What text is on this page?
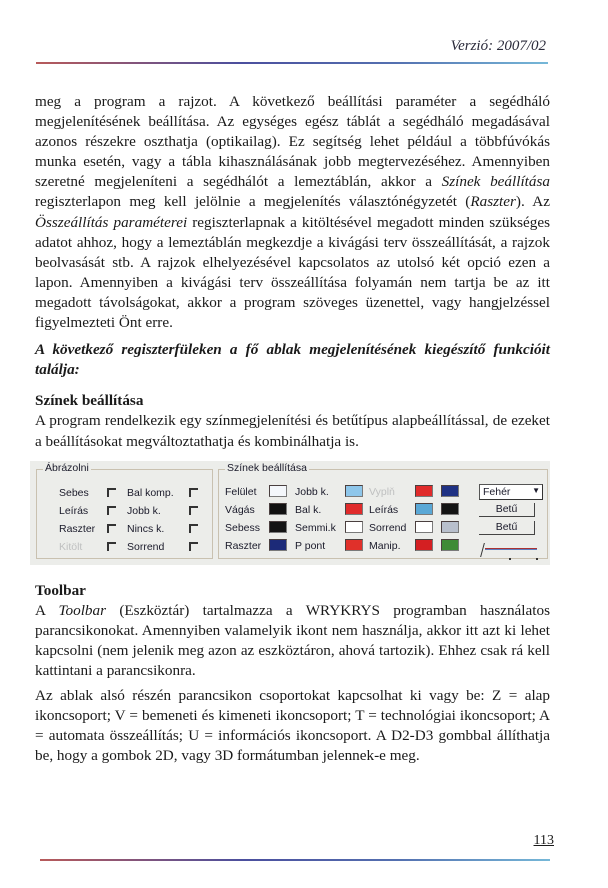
Verzió: 2007/02

meg a program a rajzot. A következő beállítási paraméter a segédháló megjelenítésének beállítása. Az egységes egész táblát a segédháló megadásával azonos részekre oszthatja (optikailag). Ez segítség lehet például a többfúvókás munka esetén, vagy a tábla kihasználásának jobb megtervezéséhez. Amennyiben szeretné megjeleníteni a segédhálót a lemeztáblán, akkor a Színek beállítása regiszterlapon meg kell jelölnie a megjelenítés választónégyzetét (Raszter). Az Összeállítás paraméterei regiszterlapnak a kitöltésével megadott minden szükséges adatot ahhoz, hogy a lemeztáblán megkezdje a kivágási terv összeállítását, a rajzok beolvasását stb. A rajzok elhelyezésével kapcsolatos az utolsó két opció ezen a lapon. Amennyiben a kivágási terv összeállítása folyamán nem tartja be az itt megadott távolságokat, akkor a program szöveges üzenettel, vagy hangjelzéssel figyelmezteti Önt erre.

A következő regiszterfüleken a fő ablak megjelenítésének kiegészítő funkcióit találja:

Színek beállítása

A program rendelkezik egy színmegjelenítési és betűtípus alapbeállítással, de ezeket a beállításokat megváltoztathatja és kombinálhatja is.

Ábrázolni
Sebes
Leírás
Raszter
Kitölt
Bal komp.
Jobb k.
Nincs k.
Sorrend
Színek beállítása
Felület
Vágás
Sebess
Raszter
Jobb k.
Bal k.
Semmi.k
P pont
Vyplň
Leírás
Sorrend
Manip.
Fehér	▼
Betű
Betű

Toolbar

A Toolbar (Eszköztár) tartalmazza a WRYKRYS programban használatos parancsikonokat. Amennyiben valamelyik ikont nem használja, akkor itt azt ki lehet kapcsolni (nem jelenik meg azon az eszköztáron, ahová tartozik). Ehhez csak rá kell kattintani a parancsikonra.

Az ablak alsó részén parancsikon csoportokat kapcsolhat ki vagy be: Z = alap ikoncsoport; V = bemeneti és kimeneti ikoncsoport; T = technológiai ikoncsoport; A = automata összeállítás; U = információs ikoncsoport. A D2-D3 gombbal állíthatja be, hogy a gombok 2D, vagy 3D formátumban jelennek-e meg.

113
